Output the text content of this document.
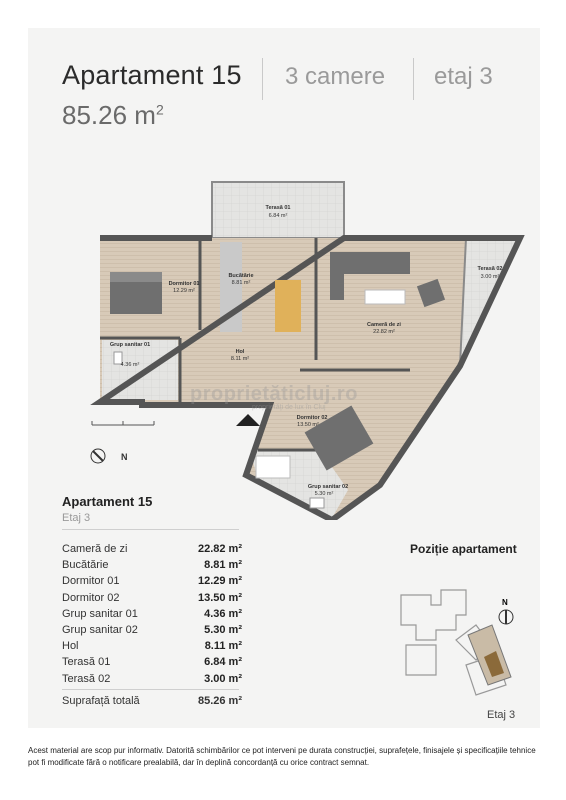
Apartament 15 3 camere etaj 3
85.26 $m^2$
Terasă 01
6.84 m²
Terasă 02
3.00 m²
Bucătărie
8.81 m²
Dormitor 01
12.29 m²
Cameră de zi
22.82 m²
Grup sanitar 01
4.36 m²
Hol
8.11 m²
Dormitor 02
13.50 m²
Grup sanitar 02
5.30 m²
proprietăticluj.ro
proprietăţi de lux în Cluj
N
Apartament 15
Etaj 3
Cameră de zi	22.82 m²
Bucătărie	8.81 m²
Dormitor 01	12.29 m²
Dormitor 02	13.50 m²
Grup sanitar 01	4.36 m²
Grup sanitar 02	5.30 m²
Hol	8.11 m²
Terasă 01	6.84 m²
Terasă 02	3.00 m²
Suprafață totală	85.26 m²
Poziție apartament
N
Etaj 3
Acest material are scop pur informativ. Datorită schimbărilor ce pot interveni pe durata construcției, suprafețele, finisajele și specificațiile tehnice pot fi modificate fără o notificare prealabilă, dar în deplină concordanță cu orice contract semnat.
